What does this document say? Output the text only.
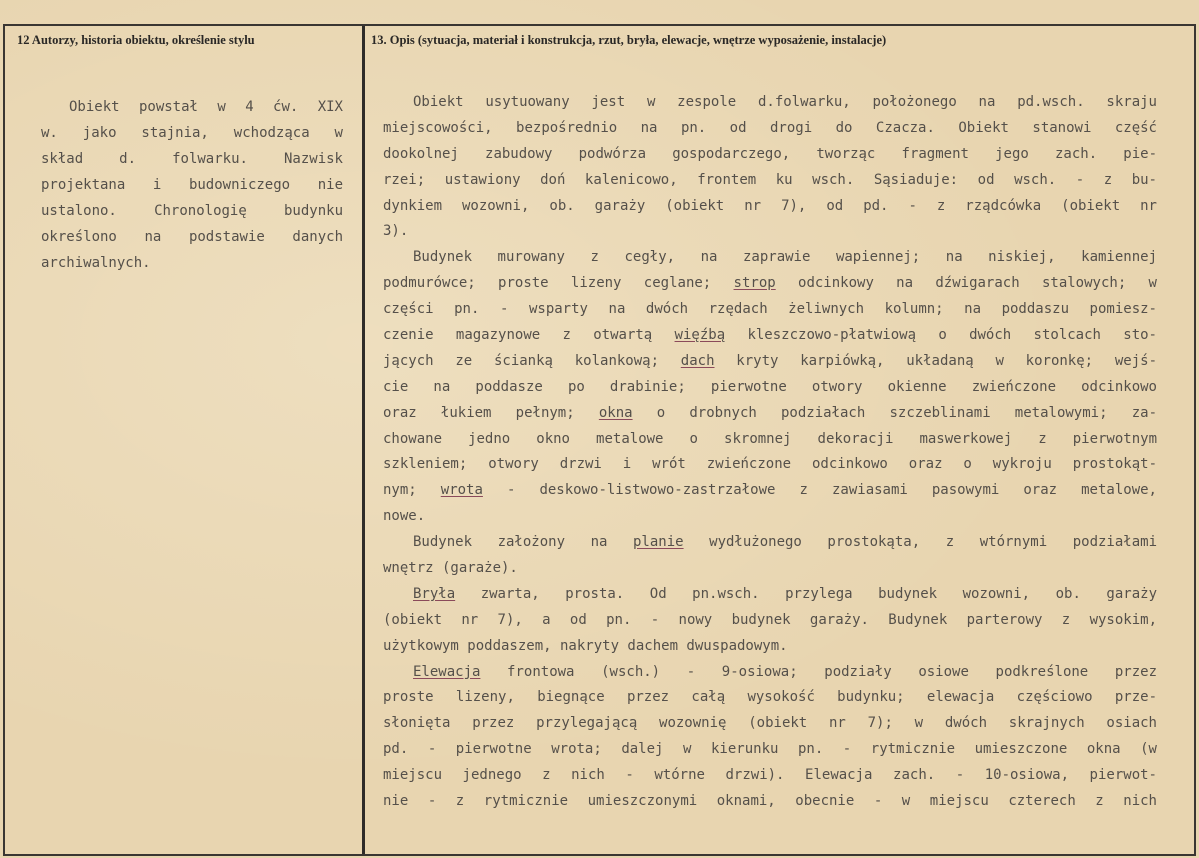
12 Autorzy, historia obiektu, określenie stylu	13. Opis (sytuacja, materiał i konstrukcja, rzut, bryła, elewacje, wnętrze wyposażenie, instalacje)
Obiekt powstał w 4 ćw. XIX
w. jako stajnia, wchodząca w
skład d. folwarku. Nazwisk
projektana i budowniczego nie
ustalono. Chronologię budynku
określono na podstawie danych
archiwalnych.
Obiekt usytuowany jest w zespole d.folwarku, położonego na pd.wsch. skraju
miejscowości, bezpośrednio na pn. od drogi do Czacza. Obiekt stanowi część
dookolnej zabudowy podwórza gospodarczego, tworząc fragment jego zach. pie-
rzei; ustawiony doń kalenicowo, frontem ku wsch. Sąsiaduje: od wsch. - z bu-
dynkiem wozowni, ob. garaży (obiekt nr 7), od pd. - z rządcówka (obiekt nr
3).
Budynek murowany z cegły, na zaprawie wapiennej; na niskiej, kamiennej
podmurówce; proste lizeny ceglane; strop odcinkowy na dźwigarach stalowych; w
części pn. - wsparty na dwóch rzędach żeliwnych kolumn; na poddaszu pomiesz-
czenie magazynowe z otwartą więźbą kleszczowo-płatwiową o dwóch stolcach sto-
jących ze ścianką kolankową; dach kryty karpiówką, układaną w koronkę; wejś-
cie na poddasze po drabinie; pierwotne otwory okienne zwieńczone odcinkowo
oraz łukiem pełnym; okna o drobnych podziałach szczeblinami metalowymi; za-
chowane jedno okno metalowe o skromnej dekoracji maswerkowej z pierwotnym
szkleniem; otwory drzwi i wrót zwieńczone odcinkowo oraz o wykroju prostokąt-
nym; wrota - deskowo-listwowo-zastrzałowe z zawiasami pasowymi oraz metalowe,
nowe.
Budynek założony na planie wydłużonego prostokąta, z wtórnymi podziałami
wnętrz (garaże).
Bryła zwarta, prosta. Od pn.wsch. przylega budynek wozowni, ob. garaży
(obiekt nr 7), a od pn. - nowy budynek garaży. Budynek parterowy z wysokim,
użytkowym poddaszem, nakryty dachem dwuspadowym.
Elewacja frontowa (wsch.) - 9-osiowa; podziały osiowe podkreślone przez
proste lizeny, biegnące przez całą wysokość budynku; elewacja częściowo prze-
słonięta przez przylegającą wozownię (obiekt nr 7); w dwóch skrajnych osiach
pd. - pierwotne wrota; dalej w kierunku pn. - rytmicznie umieszczone okna (w
miejscu jednego z nich - wtórne drzwi). Elewacja zach. - 10-osiowa, pierwot-
nie - z rytmicznie umieszczonymi oknami, obecnie - w miejscu czterech z nich
